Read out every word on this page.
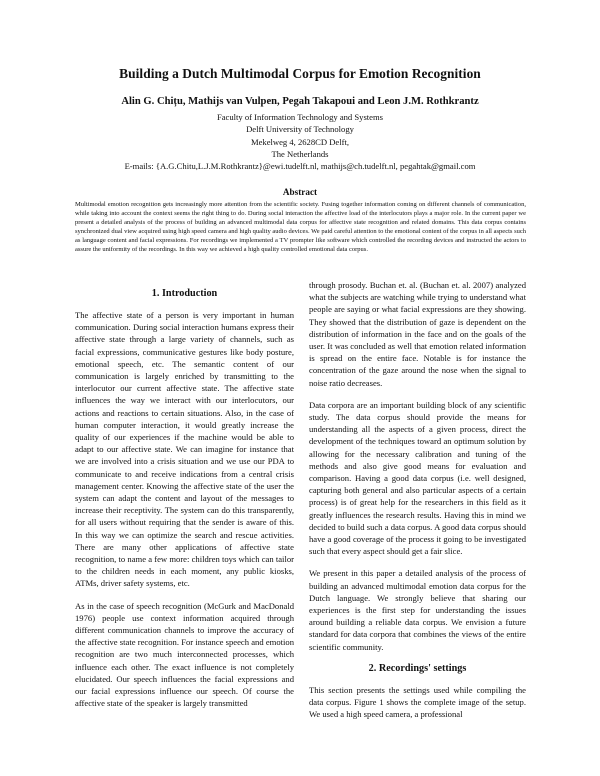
Building a Dutch Multimodal Corpus for Emotion Recognition
Alin G. Chițu, Mathijs van Vulpen, Pegah Takapoui and Leon J.M. Rothkrantz
Faculty of Information Technology and Systems
Delft University of Technology
Mekelweg 4, 2628CD Delft,
The Netherlands
E-mails: {A.G.Chitu,L.J.M.Rothkrantz}@ewi.tudelft.nl, mathijs@ch.tudelft.nl, pegahtak@gmail.com
Abstract
Multimodal emotion recognition gets increasingly more attention from the scientific society. Fusing together information coming on different channels of communication, while taking into account the context seems the right thing to do. During social interaction the affective load of the interlocutors plays a major role. In the current paper we present a detailed analysis of the process of building an advanced multimodal data corpus for affective state recognition and related domains. This data corpus contains synchronized dual view acquired using high speed camera and high quality audio devices. We paid careful attention to the emotional content of the corpus in all aspects such as language content and facial expressions. For recordings we implemented a TV prompter like software which controlled the recording devices and instructed the actors to assure the uniformity of the recordings. In this way we achieved a high quality controlled emotional data corpus.
1. Introduction

The affective state of a person is very important in human communication. During social interaction humans express their affective state through a large variety of channels, such as facial expressions, communicative gestures like body posture, emotional speech, etc. The semantic content of our communication is largely enriched by transmitting to the interlocutor our current affective state. The affective state influences the way we interact with our interlocutors, our actions and reactions to certain situations. Also, in the case of human computer interaction, it would greatly increase the quality of our experiences if the machine would be able to adapt to our affective state. We can imagine for instance that we are involved into a crisis situation and we use our PDA to communicate to and receive indications from a central crisis management center. Knowing the affective state of the user the system can adapt the content and layout of the messages to increase their receptivity. The system can do this transparently, for all users without requiring that the sender is aware of this. In this way we can optimize the search and rescue activities. There are many other applications of affective state recognition, to name a few more: children toys which can tailor to the children needs in each moment, any public kiosks, ATMs, driver safety systems, etc.

As in the case of speech recognition (McGurk and MacDonald 1976) people use context information acquired through different communication channels to improve the accuracy of the affective state recognition. For instance speech and emotion recognition are two much interconnected processes, which influence each other. The exact influence is not completely elucidated. Our speech influences the facial expressions and our facial expressions influence our speech. Of course the affective state of the speaker is largely transmitted

through prosody. Buchan et. al. (Buchan et. al. 2007) analyzed what the subjects are watching while trying to understand what people are saying or what facial expressions are they showing. They showed that the distribution of gaze is dependent on the distribution of information in the face and on the goals of the user. It was concluded as well that emotion related information is spread on the entire face. Notable is for instance the concentration of the gaze around the nose when the signal to noise ratio decreases.

Data corpora are an important building block of any scientific study. The data corpus should provide the means for understanding all the aspects of a given process, direct the development of the techniques toward an optimum solution by allowing for the necessary calibration and tuning of the methods and also give good means for evaluation and comparison. Having a good data corpus (i.e. well designed, capturing both general and also particular aspects of a certain process) is of great help for the researchers in this field as it greatly influences the research results. Having this in mind we decided to build such a data corpus. A good data corpus should have a good coverage of the process it going to be investigated such that every aspect should get a fair slice.

We present in this paper a detailed analysis of the process of building an advanced multimodal emotion data corpus for the Dutch language. We strongly believe that sharing our experiences is the first step for understanding the issues around building a reliable data corpus. We envision a future standard for data corpora that combines the views of the entire scientific community.

2. Recordings' settings

This section presents the settings used while compiling the data corpus. Figure 1 shows the complete image of the setup. We used a high speed camera, a professional
